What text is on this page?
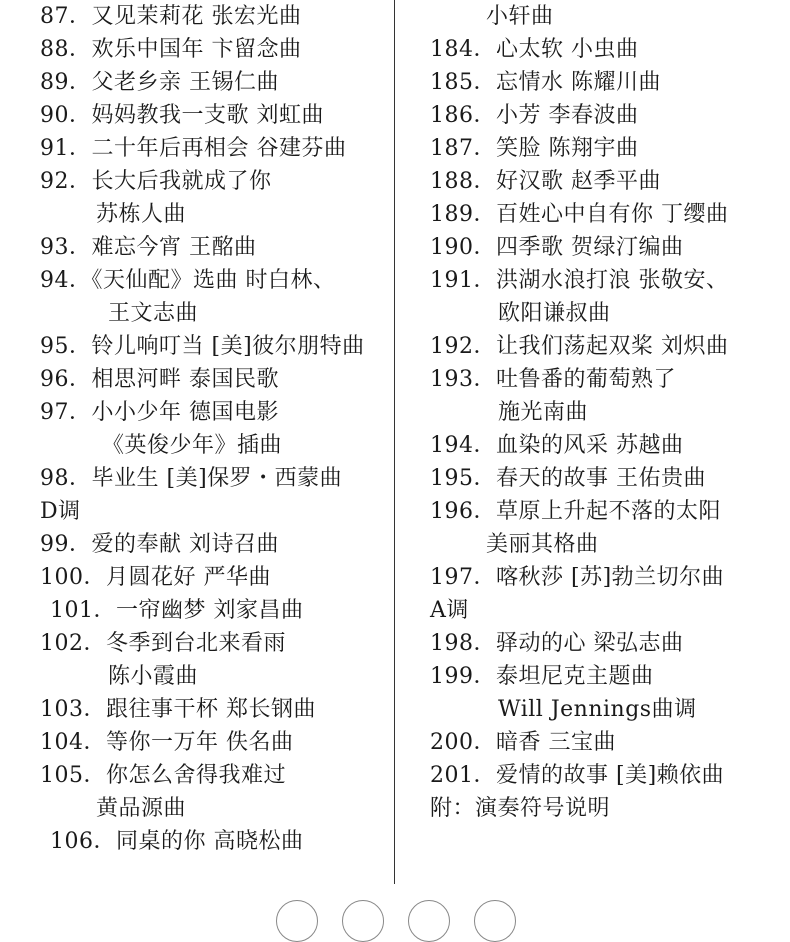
87．又见茉莉花 张宏光曲
88．欢乐中国年 卞留念曲
89．父老乡亲 王锡仁曲
90．妈妈教我一支歌 刘虹曲
91．二十年后再相会 谷建芬曲
92．长大后我就成了你
苏栋人曲
93．难忘今宵 王酩曲
94．《天仙配》选曲 时白林、
王文志曲
95．铃儿响叮当 [美]彼尔朋特曲
96．相思河畔 泰国民歌
97．小小少年 德国电影
《英俊少年》插曲
98．毕业生 [美]保罗・西蒙曲
D调
99．爱的奉献 刘诗召曲
100．月圆花好 严华曲
101．一帘幽梦 刘家昌曲
102．冬季到台北来看雨
陈小霞曲
103．跟往事干杯 郑长钢曲
104．等你一万年 佚名曲
105．你怎么舍得我难过
黄品源曲
106．同桌的你 高晓松曲
小轩曲
184．心太软 小虫曲
185．忘情水 陈耀川曲
186．小芳 李春波曲
187．笑脸 陈翔宇曲
188．好汉歌 赵季平曲
189．百姓心中自有你 丁缨曲
190．四季歌 贺绿汀编曲
191．洪湖水浪打浪 张敬安、
欧阳谦叔曲
192．让我们荡起双桨 刘炽曲
193．吐鲁番的葡萄熟了
施光南曲
194．血染的风采 苏越曲
195．春天的故事 王佑贵曲
196．草原上升起不落的太阳
美丽其格曲
197．喀秋莎 [苏]勃兰切尔曲
A调
198．驿动的心 梁弘志曲
199．泰坦尼克主题曲
Will Jennings曲调
200．暗香 三宝曲
201．爱情的故事 [美]赖依曲
附：演奏符号说明
